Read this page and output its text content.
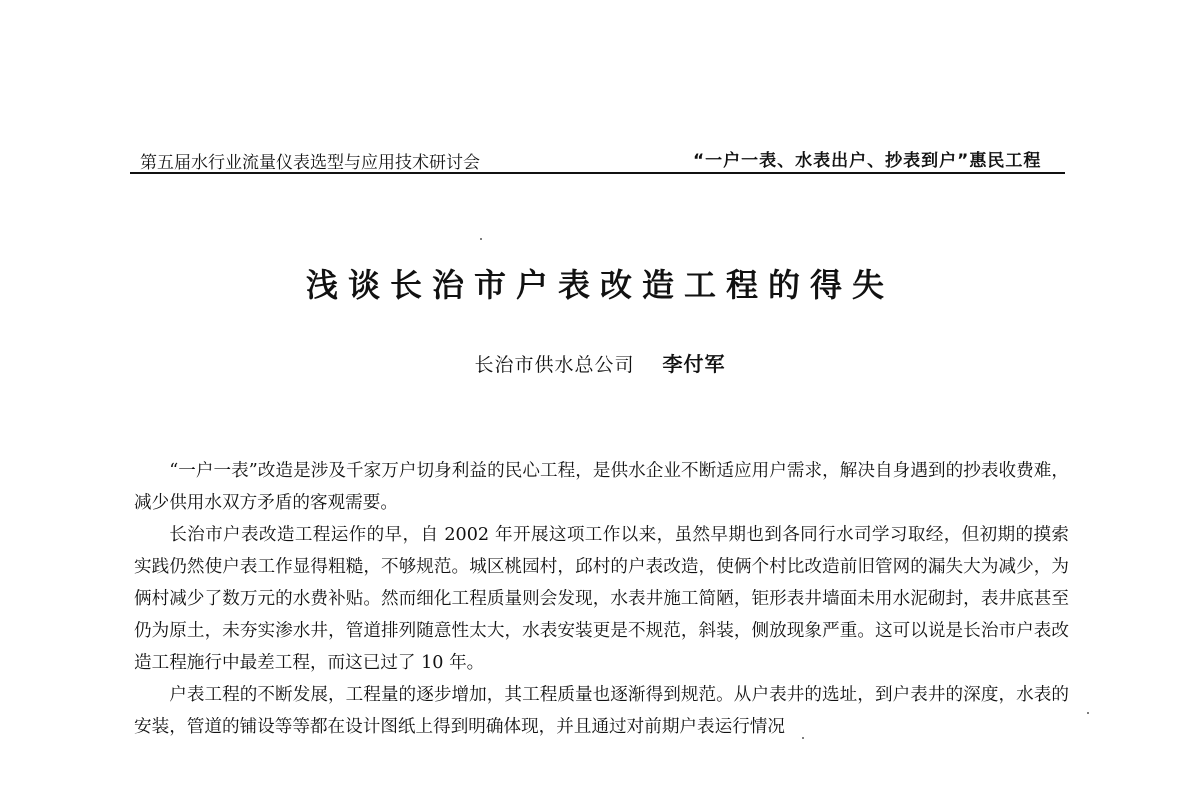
第五届水行业流量仪表选型与应用技术研讨会	“一户一表、水表出户、抄表到户”惠民工程
浅谈长治市户表改造工程的得失
长治市供水总公司 李付军

“一户一表”改造是涉及千家万户切身利益的民心工程，是供水企业不断适应用户需求，解决自身遇到的抄表收费难，减少供用水双方矛盾的客观需要。

长治市户表改造工程运作的早，自 2002 年开展这项工作以来，虽然早期也到各同行水司学习取经，但初期的摸索实践仍然使户表工作显得粗糙，不够规范。城区桃园村，邱村的户表改造，使俩个村比改造前旧管网的漏失大为减少，为俩村减少了数万元的水费补贴。然而细化工程质量则会发现，水表井施工简陋，钜形表井墙面未用水泥砌封，表井底甚至仍为原土，未夯实渗水井，管道排列随意性太大，水表安装更是不规范，斜装，侧放现象严重。这可以说是长治市户表改造工程施行中最差工程，而这已过了 10 年。

户表工程的不断发展，工程量的逐步增加，其工程质量也逐渐得到规范。从户表井的选址，到户表井的深度，水表的安装，管道的铺设等等都在设计图纸上得到明确体现，并且通过对前期户表运行情况
